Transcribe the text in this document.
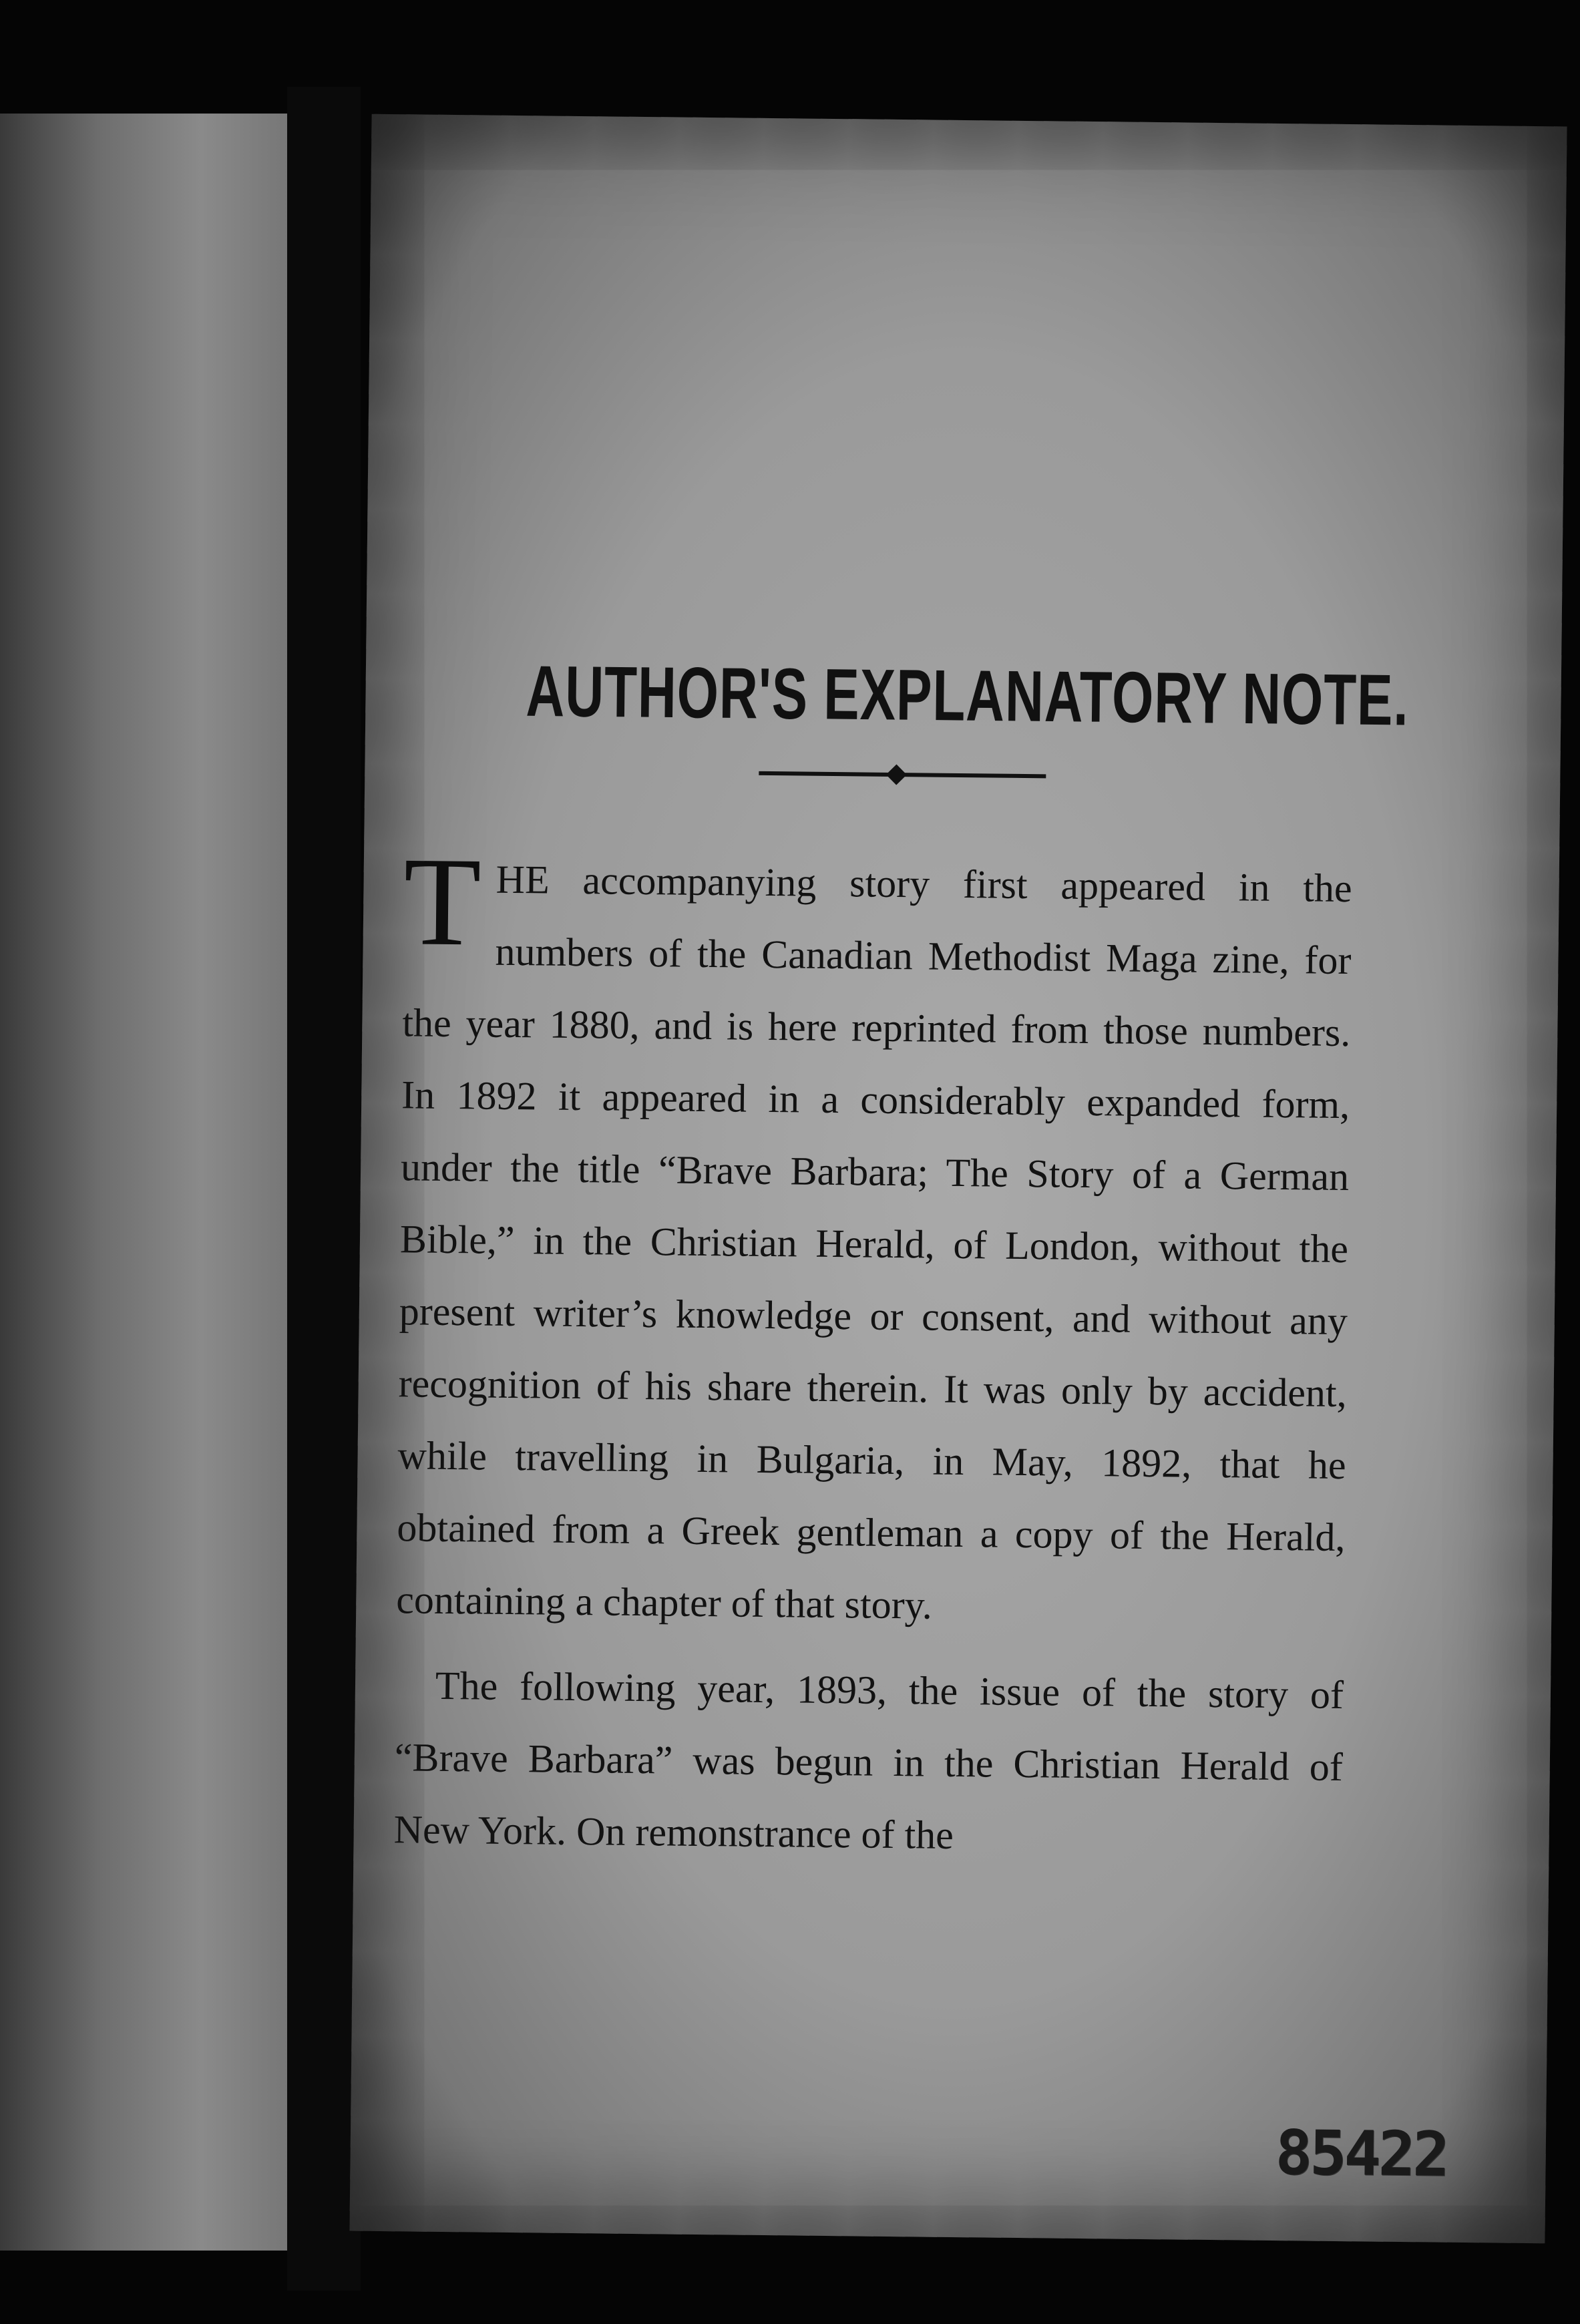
AUTHOR'S EXPLANATORY NOTE.

THE accompanying story first appeared in the numbers of the Canadian Methodist Maga zine, for the year 1880, and is here reprinted from those numbers. In 1892 it appeared in a considerably expanded form, under the title “Brave Barbara; The Story of a German Bible,” in the Christian Herald, of London, without the present writer’s knowledge or consent, and without any recognition of his share therein. It was only by accident, while travelling in Bulgaria, in May, 1892, that he obtained from a Greek gentleman a copy of the Herald, containing a chapter of that story.

The following year, 1893, the issue of the story of “Brave Barbara” was begun in the Christian Herald of New York. On remonstrance of the

85422
